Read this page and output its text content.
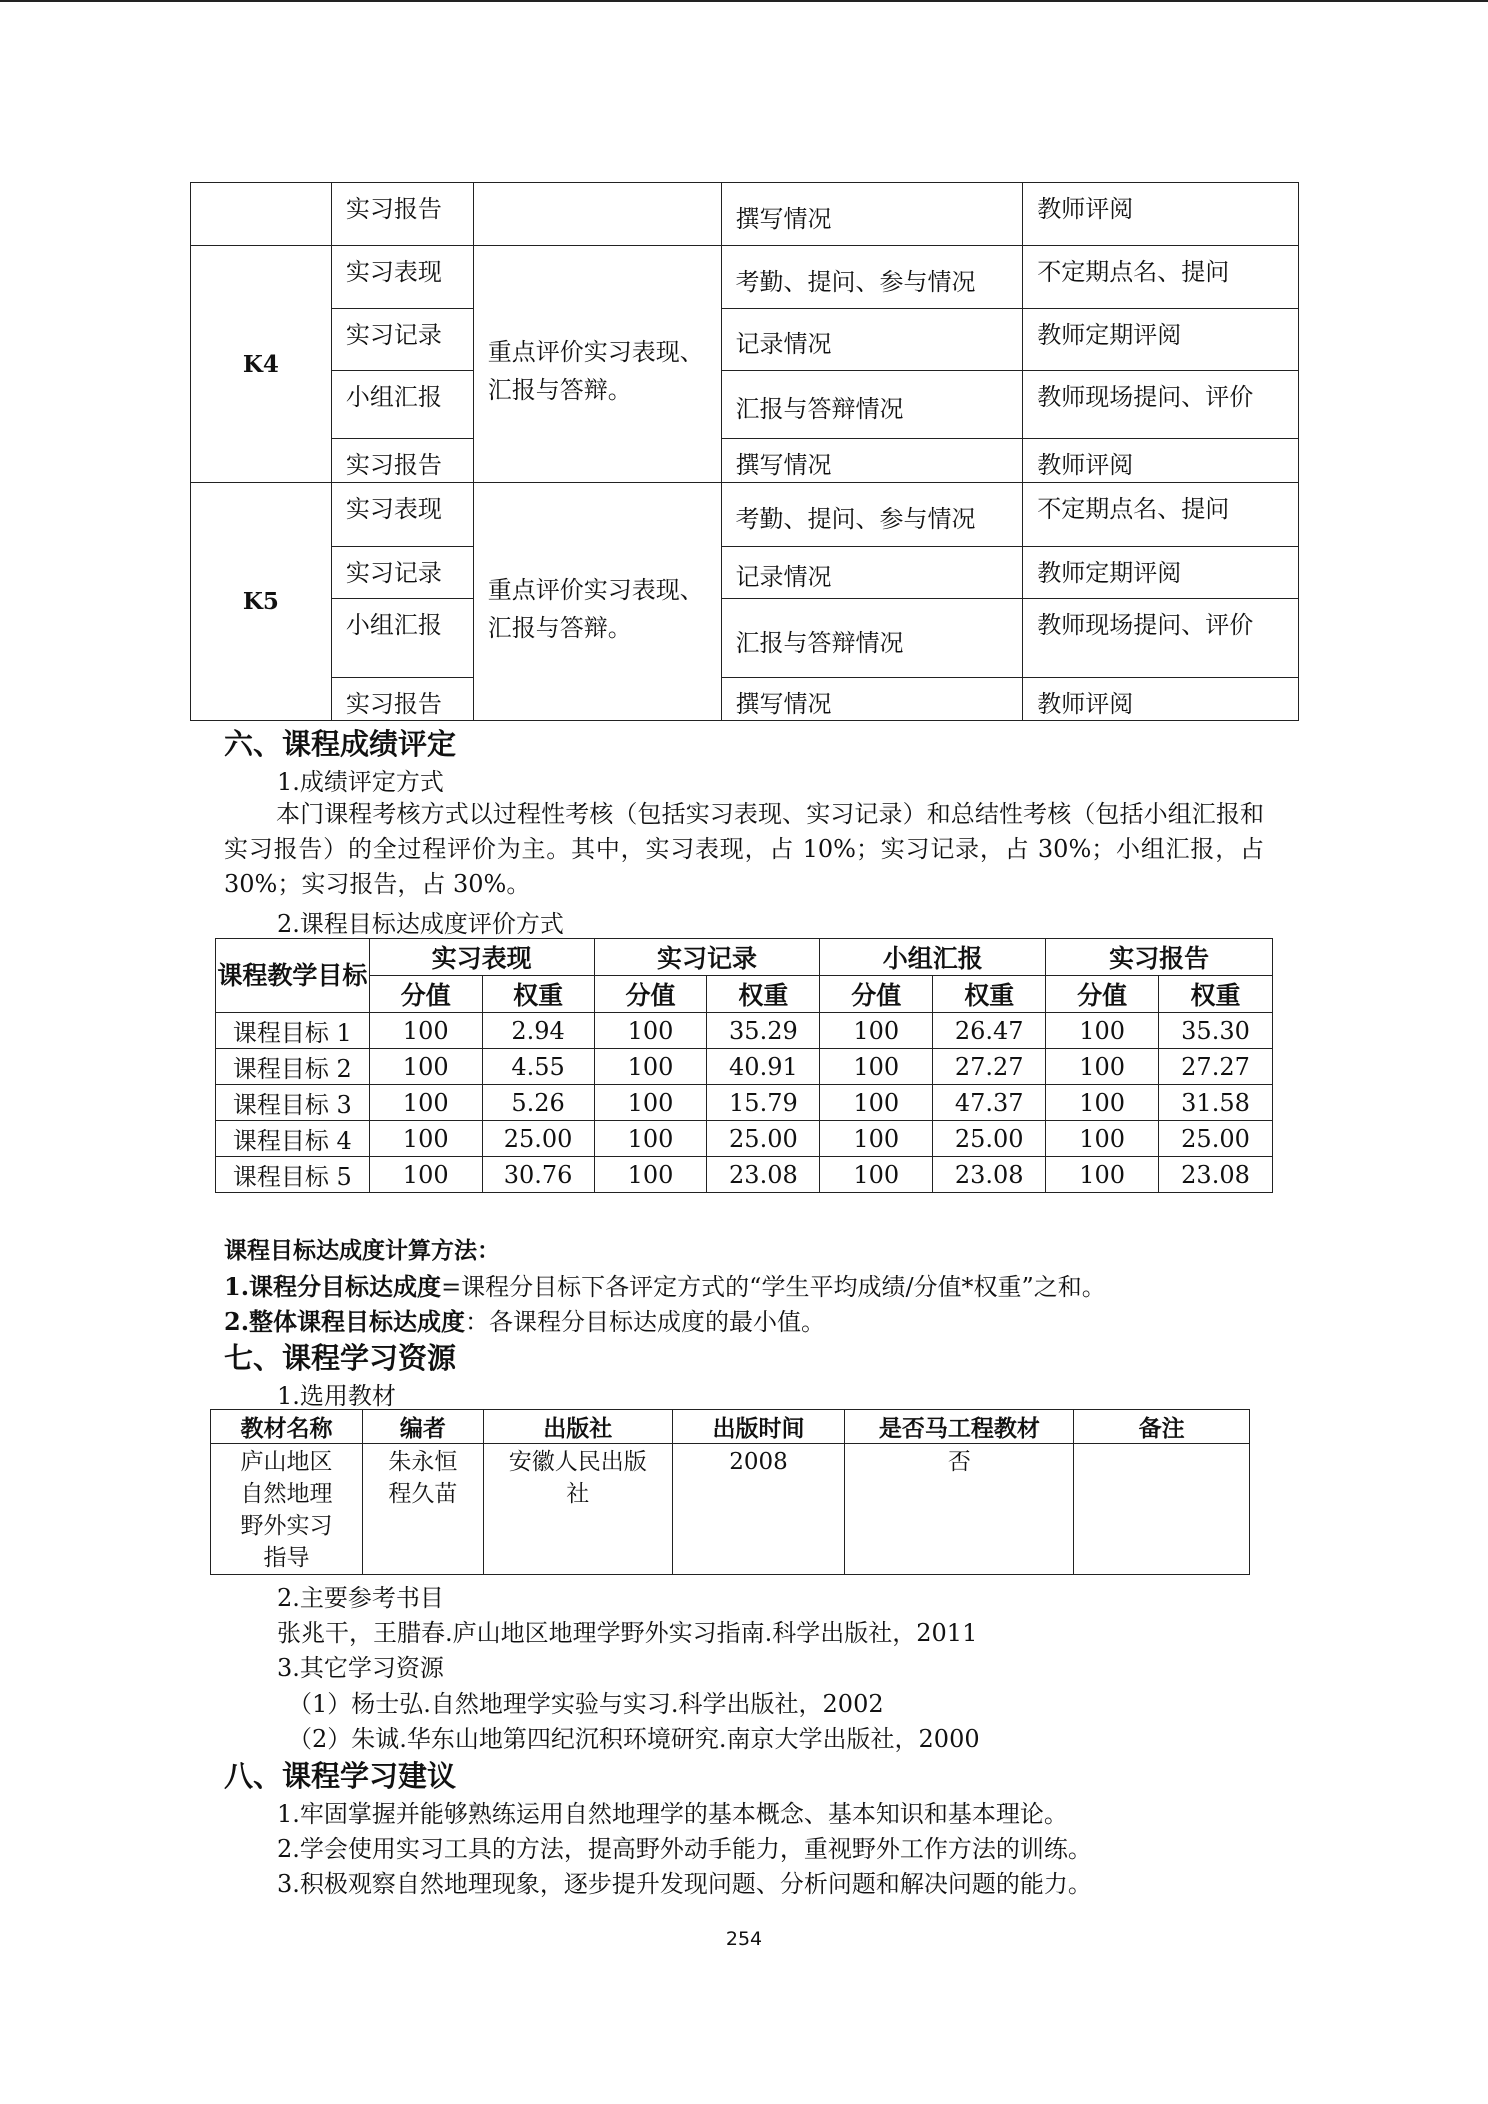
	实习报告		撰写情况	教师评阅
K4	实习表现	重点评价实习表现、汇报与答辩。	考勤、提问、参与情况	不定期点名、提问
	实习记录		记录情况	教师定期评阅
	小组汇报		汇报与答辩情况	教师现场提问、评价
	实习报告		撰写情况	教师评阅
K5	实习表现	重点评价实习表现、汇报与答辩。	考勤、提问、参与情况	不定期点名、提问
	实习记录		记录情况	教师定期评阅
	小组汇报		汇报与答辩情况	教师现场提问、评价
	实习报告		撰写情况	教师评阅
六、课程成绩评定
1.成绩评定方式
本门课程考核方式以过程性考核（包括实习表现、实习记录）和总结性考核（包括小组汇报和实习报告）的全过程评价为主。其中，实习表现，占 10%；实习记录，占 30%；小组汇报，占 30%；实习报告，占 30%。
2.课程目标达成度评价方式
课程教学目标	实习表现		实习记录		小组汇报		实习报告	
	分值	权重	分值	权重	分值	权重	分值	权重
课程目标 1	100	2.94	100	35.29	100	26.47	100	35.30
课程目标 2	100	4.55	100	40.91	100	27.27	100	27.27
课程目标 3	100	5.26	100	15.79	100	47.37	100	31.58
课程目标 4	100	25.00	100	25.00	100	25.00	100	25.00
课程目标 5	100	30.76	100	23.08	100	23.08	100	23.08
课程目标达成度计算方法：
1.课程分目标达成度=课程分目标下各评定方式的“学生平均成绩/分值*权重”之和。
2.整体课程目标达成度：各课程分目标达成度的最小值。
七、课程学习资源
1.选用教材
教材名称	编者	出版社	出版时间	是否马工程教材	备注
庐山地区自然地理野外实习指导	朱永恒程久苗	安徽人民出版社	2008	否	
2.主要参考书目
张兆干，王腊春.庐山地区地理学野外实习指南.科学出版社，2011
3.其它学习资源
（1）杨士弘.自然地理学实验与实习.科学出版社，2002
（2）朱诚.华东山地第四纪沉积环境研究.南京大学出版社，2000
八、课程学习建议
1.牢固掌握并能够熟练运用自然地理学的基本概念、基本知识和基本理论。
2.学会使用实习工具的方法，提高野外动手能力，重视野外工作方法的训练。
3.积极观察自然地理现象，逐步提升发现问题、分析问题和解决问题的能力。
254
